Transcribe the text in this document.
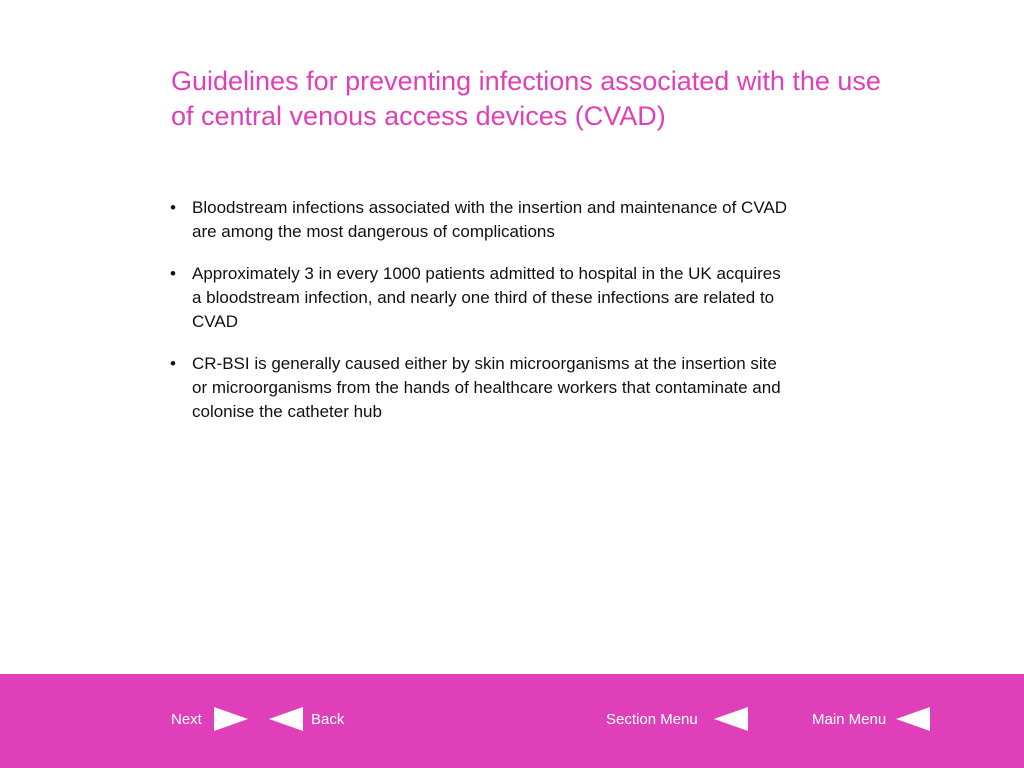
Guidelines for preventing infections associated with the use of central venous access devices (CVAD)
• Bloodstream infections associated with the insertion and maintenance of CVAD are among the most dangerous of complications
• Approximately 3 in every 1000 patients admitted to hospital in the UK acquires a bloodstream infection, and nearly one third of these infections are related to CVAD
• CR-BSI is generally caused either by skin microorganisms at the insertion site or microorganisms from the hands of healthcare workers that contaminate and colonise the catheter hub
Next	Back	Section Menu	Main Menu
